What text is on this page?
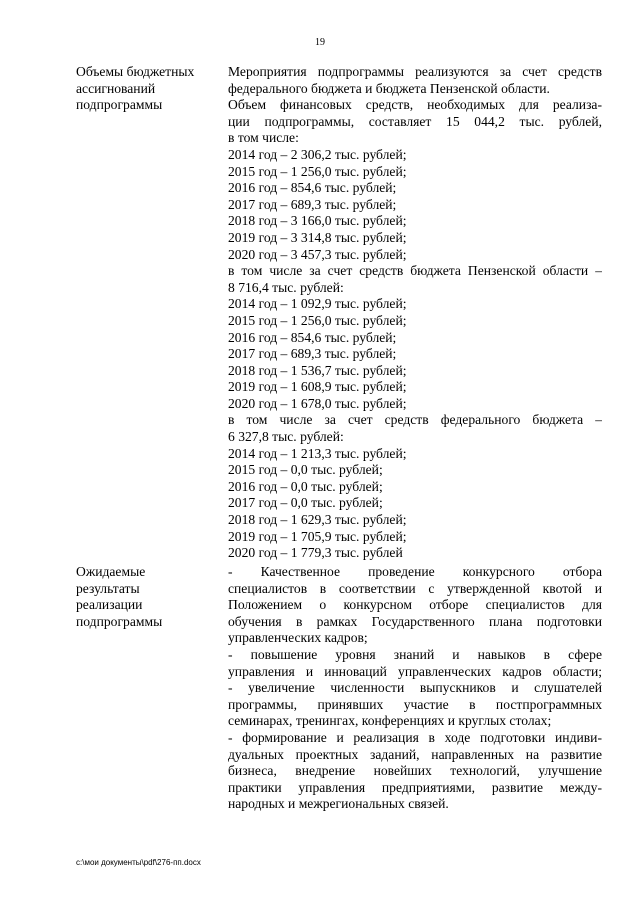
19
Объемы бюджетных
ассигнований
подпрограммы
Мероприятия подпрограммы реализуются за счет средств
федерального бюджета и бюджета Пензенской области.
Объем финансовых средств, необходимых для реализа-
ции подпрограммы, составляет 15 044,2 тыс. рублей,
в том числе:
2014 год – 2 306,2 тыс. рублей;
2015 год – 1 256,0 тыс. рублей;
2016 год – 854,6 тыс. рублей;
2017 год – 689,3 тыс. рублей;
2018 год – 3 166,0 тыс. рублей;
2019 год – 3 314,8 тыс. рублей;
2020 год – 3 457,3 тыс. рублей;
в том числе за счет средств бюджета Пензенской области –
8 716,4 тыс. рублей:
2014 год – 1 092,9 тыс. рублей;
2015 год – 1 256,0 тыс. рублей;
2016 год – 854,6 тыс. рублей;
2017 год – 689,3 тыс. рублей;
2018 год – 1 536,7 тыс. рублей;
2019 год – 1 608,9 тыс. рублей;
2020 год – 1 678,0 тыс. рублей;
в том числе за счет средств федерального бюджета –
6 327,8 тыс. рублей:
2014 год – 1 213,3 тыс. рублей;
2015 год – 0,0 тыс. рублей;
2016 год – 0,0 тыс. рублей;
2017 год – 0,0 тыс. рублей;
2018 год – 1 629,3 тыс. рублей;
2019 год – 1 705,9 тыс. рублей;
2020 год – 1 779,3 тыс. рублей
Ожидаемые
результаты
реализации
подпрограммы
- Качественное проведение конкурсного отбора
специалистов в соответствии с утвержденной квотой и
Положением о конкурсном отборе специалистов для
обучения в рамках Государственного плана подготовки
управленческих кадров;
- повышение уровня знаний и навыков в сфере
управления и инноваций управленческих кадров области;
- увеличение численности выпускников и слушателей
программы, принявших участие в постпрограммных
семинарах, тренингах, конференциях и круглых столах;
- формирование и реализация в ходе подготовки индиви-
дуальных проектных заданий, направленных на развитие
бизнеса, внедрение новейших технологий, улучшение
практики управления предприятиями, развитие между-
народных и межрегиональных связей.
c:\мои документы\pdf\276-пп.docx
